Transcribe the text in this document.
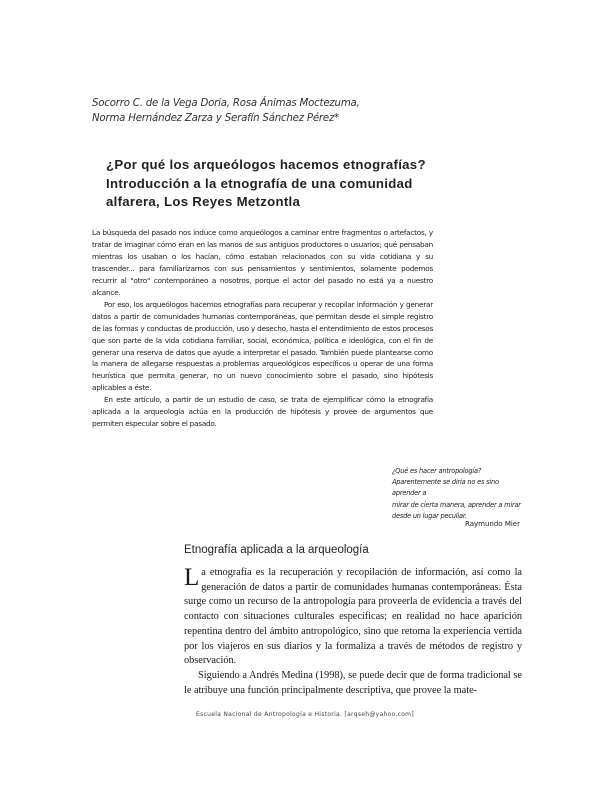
Socorro C. de la Vega Doria, Rosa Ánimas Moctezuma,
Norma Hernández Zarza y Serafín Sánchez Pérez*
¿Por qué los arqueólogos hacemos etnografías?
Introducción a la etnografía de una comunidad
alfarera, Los Reyes Metzontla

La búsqueda del pasado nos induce como arqueólogos a caminar entre fragmentos o artefactos, y tratar de imaginar cómo eran en las manos de sus antiguos productores o usuarios; qué pensaban mientras los usaban o los hacían, cómo estaban relacionados con su vida cotidiana y su trascender... para familiarizarnos con sus pensamientos y sentimientos, solamente podemos recurrir al "otro" contemporáneo a nosotros, porque el actor del pasado no está ya a nuestro alcance.

Por eso, los arqueólogos hacemos etnografías para recuperar y recopilar información y generar datos a partir de comunidades humanas contemporáneas, que permitan desde el simple registro de las formas y conductas de producción, uso y desecho, hasta el entendimiento de estos procesos que son parte de la vida cotidiana familiar, social, económica, política e ideológica, con el fin de generar una reserva de datos que ayude a interpretar el pasado. También puede plantearse como la manera de allegarse respuestas a problemas arqueológicos específicos u operar de una forma heurística que permita generar, no un nuevo conocimiento sobre el pasado, sino hipótesis aplicables a éste.

En este artículo, a partir de un estudio de caso, se trata de ejemplificar cómo la etnografía aplicada a la arqueología actúa en la producción de hipótesis y provee de argumentos que permiten especular sobre el pasado.

¿Qué es hacer antropología?
Aparentemente se diría no es sino aprender a
mirar de cierta manera, aprender a mirar
desde un lugar peculiar.
Raymundo Mier
Etnografía aplicada a la arqueología

La etnografía es la recuperación y recopilación de información, así como la generación de datos a partir de comunidades humanas contemporáneas. Ésta surge como un recurso de la antropología para proveerla de evidencia a través del contacto con situaciones culturales específicas; en realidad no hace aparición repentina dentro del ámbito antropológico, sino que retoma la experiencia vertida por los viajeros en sus diarios y la formaliza a través de métodos de registro y observación.

Siguiendo a Andrés Medina (1998), se puede decir que de forma tradicional se le atribuye una función principalmente descriptiva, que provee la mate-

Escuela Nacional de Antropología e Historia. [arqseh@yahoo.com]
